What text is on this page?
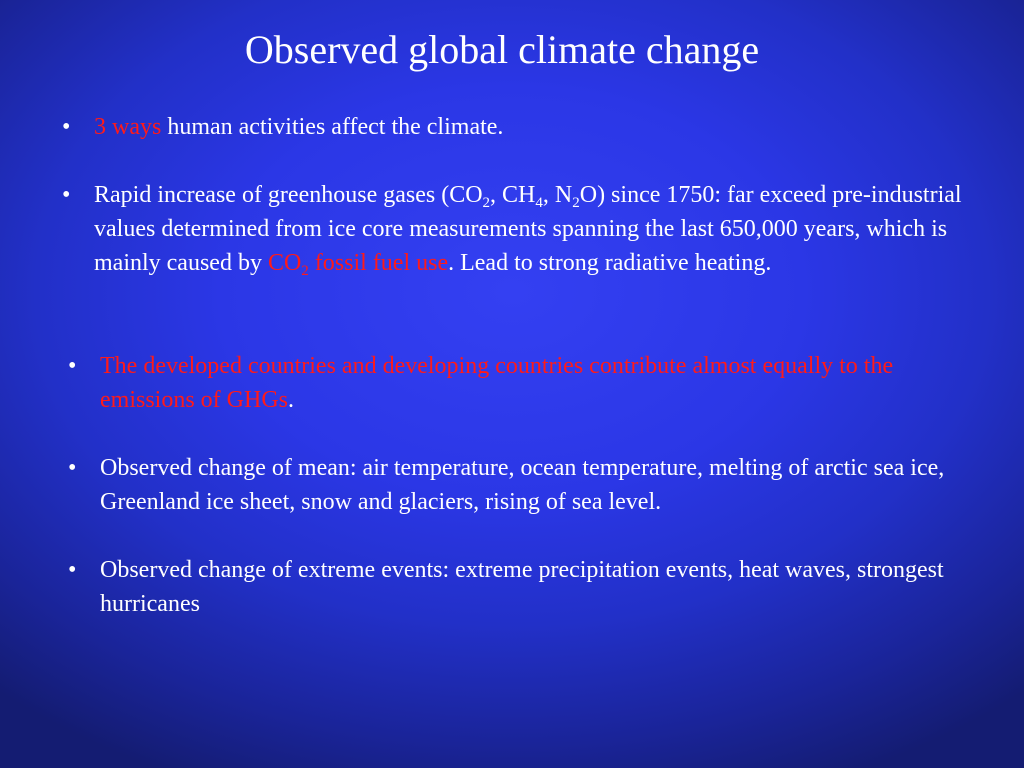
Observed global climate change
• 3 ways human activities affect the climate.
• Rapid increase of greenhouse gases ($CO_2$, $CH_4$, $N_2O$) since 1750: far exceed pre-industrial values determined from ice core measurements spanning the last 650,000 years, which is mainly caused by $CO_2$ fossil fuel use. Lead to strong radiative heating.
• The developed countries and developing countries contribute almost equally to the emissions of GHGs.
• Observed change of mean: air temperature, ocean temperature, melting of arctic sea ice, Greenland ice sheet, snow and glaciers, rising of sea level.
• Observed change of extreme events: extreme precipitation events, heat waves, strongest hurricanes
